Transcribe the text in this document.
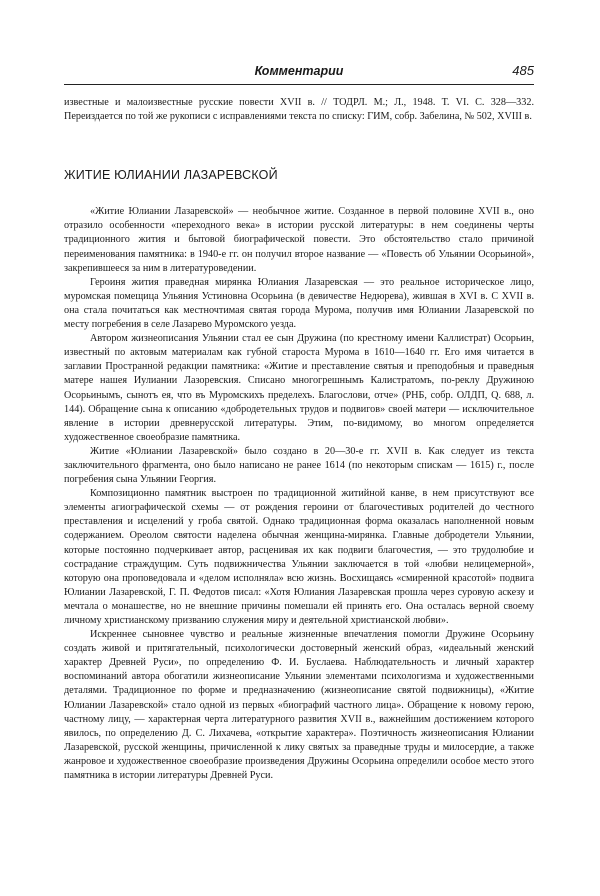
Комментарии	485

известные и малоизвестные русские повести XVII в. // ТОДРЛ. М.; Л., 1948. Т. VI. С. 328—332. Переиздается по той же рукописи с исправлениями текста по списку: ГИМ, собр. Забелина, № 502, XVIII в.

ЖИТИЕ ЮЛИАНИИ ЛАЗАРЕВСКОЙ

«Житие Юлиании Лазаревской» — необычное житие. Созданное в первой половине XVII в., оно отразило особенности «переходного века» в истории русской литературы: в нем соединены черты традиционного жития и бытовой биографической повести. Это обстоятельство стало причиной переименования памятника: в 1940-е гг. он получил второе название — «Повесть об Ульянии Осорьиной», закрепившееся за ним в литературоведении.

Героиня жития праведная мирянка Юлиания Лазаревская — это реальное историческое лицо, муромская помещица Ульяния Устиновна Осорьина (в девичестве Недюрева), жившая в XVI в. С XVII в. она стала почитаться как местночтимая святая города Мурома, получив имя Юлиании Лазаревской по месту погребения в селе Лазарево Муромского уезда.

Автором жизнеописания Ульянии стал ее сын Дружина (по крестному имени Каллистрат) Осорьин, известный по актовым материалам как губной староста Мурома в 1610—1640 гг. Его имя читается в заглавии Пространной редакции памятника: «Житие и преставление святыя и преподобныя и праведныя матере нашея Иулиании Лазоревския. Списано многогрешнымъ Калистратомъ, по-реклу Дружиною Осорьинымъ, сынотъ ея, что въ Муромскихъ пределехъ. Благослови, отче» (РНБ, собр. ОЛДП, Q. 688, л. 144). Обращение сына к описанию «добродетельных трудов и подвигов» своей матери — исключительное явление в истории древнерусской литературы. Этим, по-видимому, во многом определяется художественное своеобразие памятника.

Житие «Юлиании Лазаревской» было создано в 20—30-е гг. XVII в. Как следует из текста заключительного фрагмента, оно было написано не ранее 1614 (по некоторым спискам — 1615) г., после погребения сына Ульянии Георгия.

Композиционно памятник выстроен по традиционной житийной канве, в нем присутствуют все элементы агиографической схемы — от рождения героини от благочестивых родителей до честного преставления и исцелений у гроба святой. Однако традиционная форма оказалась наполненной новым содержанием. Ореолом святости наделена обычная женщина-мирянка. Главные добродетели Ульянии, которые постоянно подчеркивает автор, расценивая их как подвиги благочестия, — это трудолюбие и сострадание страждущим. Суть подвижничества Ульянии заключается в той «любви нелицемерной», которую она проповедовала и «делом исполняла» всю жизнь. Восхищаясь «смиренной красотой» подвига Юлиании Лазаревской, Г. П. Федотов писал: «Хотя Юлиания Лазаревская прошла через суровую аскезу и мечтала о монашестве, но не внешние причины помешали ей принять его. Она осталась верной своему личному христианскому призванию служения миру и деятельной христианской любви».

Искреннее сыновнее чувство и реальные жизненные впечатления помогли Дружине Осорьину создать живой и притягательный, психологически достоверный женский образ, «идеальный женский характер Древней Руси», по определению Ф. И. Буслаева. Наблюдательность и личный характер воспоминаний автора обогатили жизнеописание Ульянии элементами психологизма и художественными деталями. Традиционное по форме и предназначению (жизнеописание святой подвижницы), «Житие Юлиании Лазаревской» стало одной из первых «биографий частного лица». Обращение к новому герою, частному лицу, — характерная черта литературного развития XVII в., важнейшим достижением которого явилось, по определению Д. С. Лихачева, «открытие характера». Поэтичность жизнеописания Юлиании Лазаревской, русской женщины, причисленной к лику святых за праведные труды и милосердие, а также жанровое и художественное своеобразие произведения Дружины Осорьина определили особое место этого памятника в истории литературы Древней Руси.
